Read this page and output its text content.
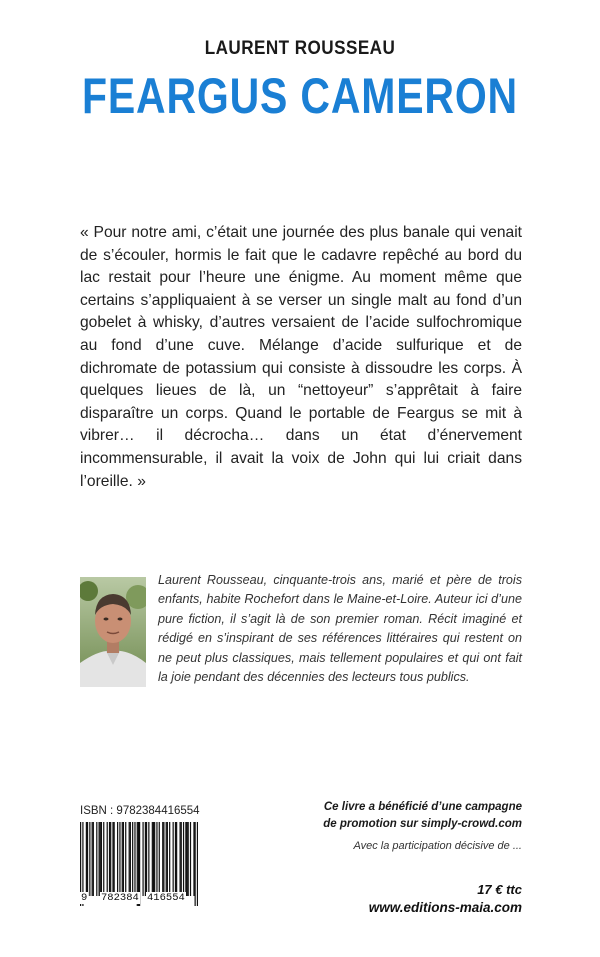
LAURENT ROUSSEAU
FEARGUS CAMERON
« Pour notre ami, c’était une journée des plus banale qui venait de s’écouler, hormis le fait que le cadavre repêché au bord du lac restait pour l’heure une énigme. Au moment même que certains s’appliquaient à se verser un single malt au fond d’un gobelet à whisky, d’autres versaient de l’acide sulfochromique au fond d’une cuve. Mélange d’acide sulfurique et de dichromate de potassium qui consiste à dissoudre les corps. À quelques lieues de là, un “nettoyeur” s’apprêtait à faire disparaître un corps. Quand le portable de Feargus se mit à vibrer… il décrocha… dans un état d’énervement incommensurable, il avait la voix de John qui lui criait dans l’oreille. »
Laurent Rousseau, cinquante-trois ans, marié et père de trois enfants, habite Rochefort dans le Maine-et-Loire. Auteur ici d’une pure fiction, il s’agit là de son premier roman. Récit imaginé et rédigé en s’inspirant de ses références littéraires qui restent on ne peut plus classiques, mais tellement populaires et qui ont fait la joie pendant des décennies des lecteurs tous publics.
ISBN : 9782384416554
9 782384 416554
Ce livre a bénéficié d’une campagne
de promotion sur simply-crowd.com
Avec la participation décisive de ...
17 € ttc
www.editions-maia.com
